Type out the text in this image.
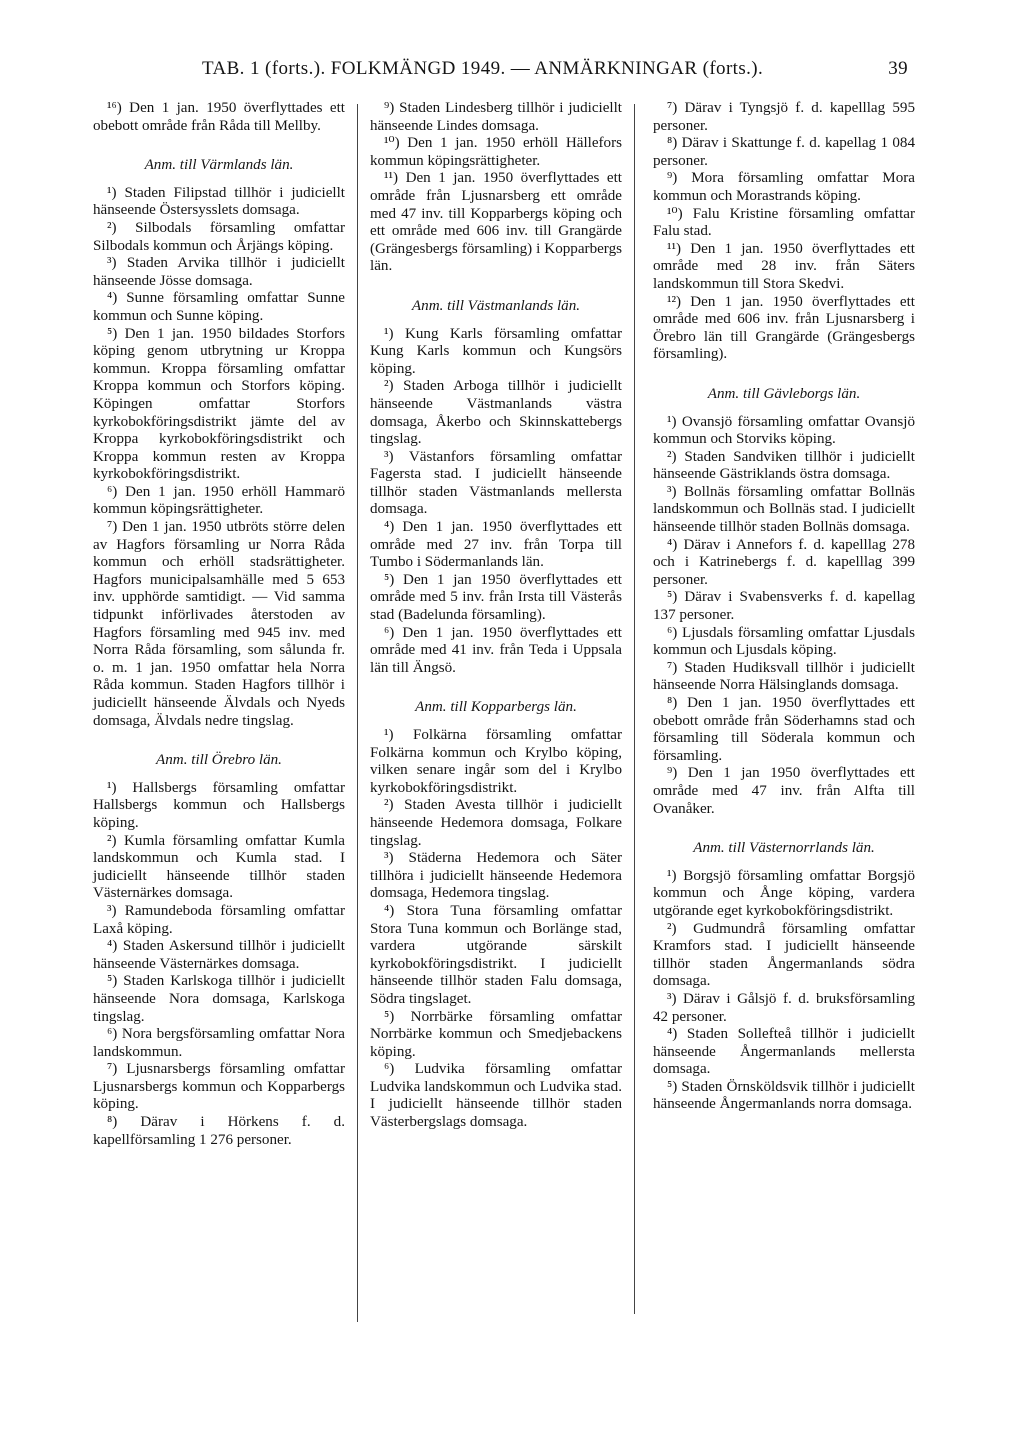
TAB. 1 (forts.). FOLKMÄNGD 1949. — ANMÄRKNINGAR (forts.).	39

¹⁶) Den 1 jan. 1950 överflyttades ett obebott område från Råda till Mellby.

Anm. till Värmlands län.

¹) Staden Filipstad tillhör i judiciellt hänseende Östersysslets domsaga.

²) Silbodals församling omfattar Silbodals kommun och Årjängs köping.

³) Staden Arvika tillhör i judiciellt hänseende Jösse domsaga.

⁴) Sunne församling omfattar Sunne kommun och Sunne köping.

⁵) Den 1 jan. 1950 bildades Storfors köping genom utbrytning ur Kroppa kommun. Kroppa församling omfattar Kroppa kommun och Storfors köping. Köpingen omfattar Storfors kyrkobokföringsdistrikt jämte del av Kroppa kyrkobokföringsdistrikt och Kroppa kommun resten av Kroppa kyrkobokföringsdistrikt.

⁶) Den 1 jan. 1950 erhöll Hammarö kommun köpingsrättigheter.

⁷) Den 1 jan. 1950 utbröts större delen av Hagfors församling ur Norra Råda kommun och erhöll stadsrättigheter. Hagfors municipalsamhälle med 5 653 inv. upphörde samtidigt. — Vid samma tidpunkt införlivades återstoden av Hagfors församling med 945 inv. med Norra Råda församling, som sålunda fr. o. m. 1 jan. 1950 omfattar hela Norra Råda kommun. Staden Hagfors tillhör i judiciellt hänseende Älvdals och Nyeds domsaga, Älvdals nedre tingslag.

Anm. till Örebro län.

¹) Hallsbergs församling omfattar Hallsbergs kommun och Hallsbergs köping.

²) Kumla församling omfattar Kumla landskommun och Kumla stad. I judiciellt hänseende tillhör staden Västernärkes domsaga.

³) Ramundeboda församling omfattar Laxå köping.

⁴) Staden Askersund tillhör i judiciellt hänseende Västernärkes domsaga.

⁵) Staden Karlskoga tillhör i judiciellt hänseende Nora domsaga, Karlskoga tingslag.

⁶) Nora bergsförsamling omfattar Nora landskommun.

⁷) Ljusnarsbergs församling omfattar Ljusnarsbergs kommun och Kopparbergs köping.

⁸) Därav i Hörkens f. d. kapellförsamling 1 276 personer.

⁹) Staden Lindesberg tillhör i judiciellt hänseende Lindes domsaga.

¹⁰) Den 1 jan. 1950 erhöll Hällefors kommun köpingsrättigheter.

¹¹) Den 1 jan. 1950 överflyttades ett område från Ljusnarsberg ett område med 47 inv. till Kopparbergs köping och ett område med 606 inv. till Grangärde (Grängesbergs församling) i Kopparbergs län.

Anm. till Västmanlands län.

¹) Kung Karls församling omfattar Kung Karls kommun och Kungsörs köping.

²) Staden Arboga tillhör i judiciellt hänseende Västmanlands västra domsaga, Åkerbo och Skinnskattebergs tingslag.

³) Västanfors församling omfattar Fagersta stad. I judiciellt hänseende tillhör staden Västmanlands mellersta domsaga.

⁴) Den 1 jan. 1950 överflyttades ett område med 27 inv. från Torpa till Tumbo i Södermanlands län.

⁵) Den 1 jan 1950 överflyttades ett område med 5 inv. från Irsta till Västerås stad (Badelunda församling).

⁶) Den 1 jan. 1950 överflyttades ett område med 41 inv. från Teda i Uppsala län till Ängsö.

Anm. till Kopparbergs län.

¹) Folkärna församling omfattar Folkärna kommun och Krylbo köping, vilken senare ingår som del i Krylbo kyrkobokföringsdistrikt.

²) Staden Avesta tillhör i judiciellt hänseende Hedemora domsaga, Folkare tingslag.

³) Städerna Hedemora och Säter tillhöra i judiciellt hänseende Hedemora domsaga, Hedemora tingslag.

⁴) Stora Tuna församling omfattar Stora Tuna kommun och Borlänge stad, vardera utgörande särskilt kyrkobokföringsdistrikt. I judiciellt hänseende tillhör staden Falu domsaga, Södra tingslaget.

⁵) Norrbärke församling omfattar Norrbärke kommun och Smedjebackens köping.

⁶) Ludvika församling omfattar Ludvika landskommun och Ludvika stad. I judiciellt hänseende tillhör staden Västerbergslags domsaga.

⁷) Därav i Tyngsjö f. d. kapelllag 595 personer.

⁸) Därav i Skattunge f. d. kapellag 1 084 personer.

⁹) Mora församling omfattar Mora kommun och Morastrands köping.

¹⁰) Falu Kristine församling omfattar Falu stad.

¹¹) Den 1 jan. 1950 överflyttades ett område med 28 inv. från Säters landskommun till Stora Skedvi.

¹²) Den 1 jan. 1950 överflyttades ett område med 606 inv. från Ljusnarsberg i Örebro län till Grangärde (Grängesbergs församling).

Anm. till Gävleborgs län.

¹) Ovansjö församling omfattar Ovansjö kommun och Storviks köping.

²) Staden Sandviken tillhör i judiciellt hänseende Gästriklands östra domsaga.

³) Bollnäs församling omfattar Bollnäs landskommun och Bollnäs stad. I judiciellt hänseende tillhör staden Bollnäs domsaga.

⁴) Därav i Annefors f. d. kapelllag 278 och i Katrinebergs f. d. kapelllag 399 personer.

⁵) Därav i Svabensverks f. d. kapellag 137 personer.

⁶) Ljusdals församling omfattar Ljusdals kommun och Ljusdals köping.

⁷) Staden Hudiksvall tillhör i judiciellt hänseende Norra Hälsinglands domsaga.

⁸) Den 1 jan. 1950 överflyttades ett obebott område från Söderhamns stad och församling till Söderala kommun och församling.

⁹) Den 1 jan 1950 överflyttades ett område med 47 inv. från Alfta till Ovanåker.

Anm. till Västernorrlands län.

¹) Borgsjö församling omfattar Borgsjö kommun och Ånge köping, vardera utgörande eget kyrkobokföringsdistrikt.

²) Gudmundrå församling omfattar Kramfors stad. I judiciellt hänseende tillhör staden Ångermanlands södra domsaga.

³) Därav i Gålsjö f. d. bruksförsamling 42 personer.

⁴) Staden Sollefteå tillhör i judiciellt hänseende Ångermanlands mellersta domsaga.

⁵) Staden Örnsköldsvik tillhör i judiciellt hänseende Ångermanlands norra domsaga.
